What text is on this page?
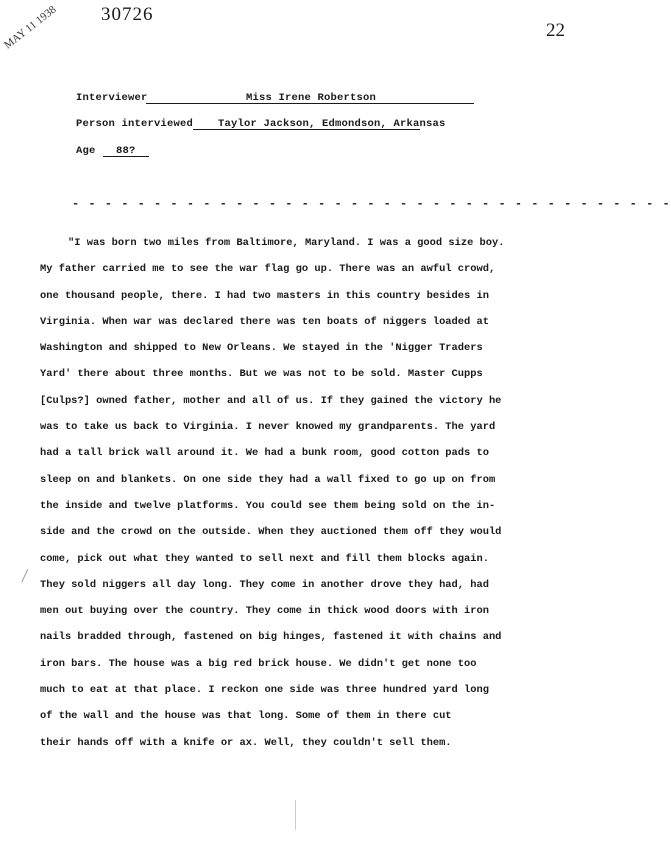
30726
22
MAY 11 1938
Interviewer	Miss Irene Robertson
Person interviewed Taylor Jackson, Edmondson, Arkansas
Age 88?
- - - - - - - - - - - - - - - - - - - - - - - - - - - - - - - - - - - - -
"I was born two miles from Baltimore, Maryland. I was a good size boy.
My father carried me to see the war flag go up. There was an awful crowd,
one thousand people, there. I had two masters in this country besides in
Virginia. When war was declared there was ten boats of niggers loaded at
Washington and shipped to New Orleans. We stayed in the 'Nigger Traders
Yard' there about three months. But we was not to be sold. Master Cupps
[Culps?] owned father, mother and all of us. If they gained the victory he
was to take us back to Virginia. I never knowed my grandparents. The yard
had a tall brick wall around it. We had a bunk room, good cotton pads to
sleep on and blankets. On one side they had a wall fixed to go up on from
the inside and twelve platforms. You could see them being sold on the in-
side and the crowd on the outside. When they auctioned them off they would
come, pick out what they wanted to sell next and fill them blocks again.
They sold niggers all day long. They come in another drove they had, had
men out buying over the country. They come in thick wood doors with iron
nails bradded through, fastened on big hinges, fastened it with chains and
iron bars. The house was a big red brick house. We didn't get none too
much to eat at that place. I reckon one side was three hundred yard long
of the wall and the house was that long. Some of them in there cut
their hands off with a knife or ax. Well, they couldn't sell them.
